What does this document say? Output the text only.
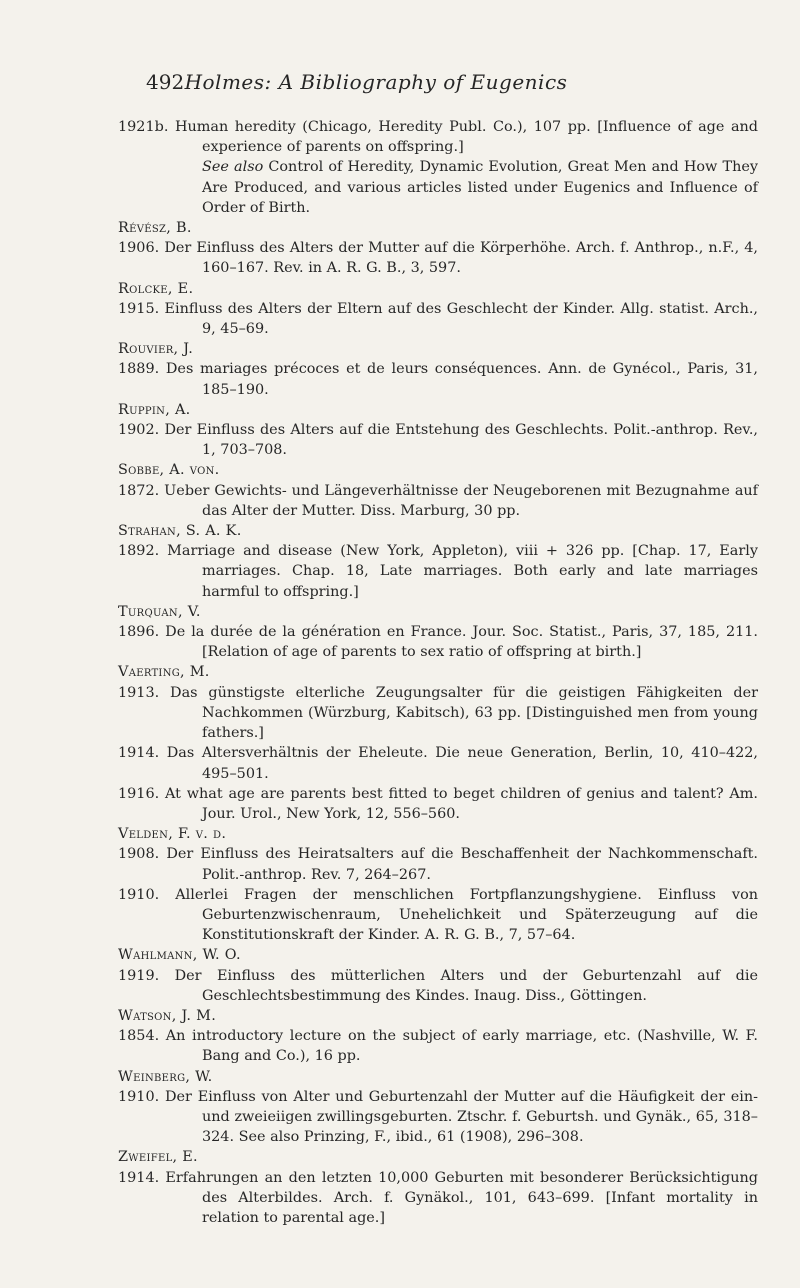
492 Holmes: A Bibliography of Eugenics
1921b. Human heredity (Chicago, Heredity Publ. Co.), 107 pp. [Influence of age and experience of parents on offspring.]
See also Control of Heredity, Dynamic Evolution, Great Men and How They Are Produced, and various articles listed under Eugenics and Influence of Order of Birth.
Révész, B.
1906. Der Einfluss des Alters der Mutter auf die Körperhöhe. Arch. f. Anthrop., n.F., 4, 160–167. Rev. in A. R. G. B., 3, 597.
Rolcke, E.
1915. Einfluss des Alters der Eltern auf des Geschlecht der Kinder. Allg. statist. Arch., 9, 45–69.
Rouvier, J.
1889. Des mariages précoces et de leurs conséquences. Ann. de Gynécol., Paris, 31, 185–190.
Ruppin, A.
1902. Der Einfluss des Alters auf die Entstehung des Geschlechts. Polit.-anthrop. Rev., 1, 703–708.
Sobbe, A. von.
1872. Ueber Gewichts- und Längeverhältnisse der Neugeborenen mit Bezugnahme auf das Alter der Mutter. Diss. Marburg, 30 pp.
Strahan, S. A. K.
1892. Marriage and disease (New York, Appleton), viii + 326 pp. [Chap. 17, Early marriages. Chap. 18, Late marriages. Both early and late marriages harmful to offspring.]
Turquan, V.
1896. De la durée de la génération en France. Jour. Soc. Statist., Paris, 37, 185, 211. [Relation of age of parents to sex ratio of offspring at birth.]
Vaerting, M.
1913. Das günstigste elterliche Zeugungsalter für die geistigen Fähigkeiten der Nachkommen (Würzburg, Kabitsch), 63 pp. [Distinguished men from young fathers.]
1914. Das Altersverhältnis der Eheleute. Die neue Generation, Berlin, 10, 410–422, 495–501.
1916. At what age are parents best fitted to beget children of genius and talent? Am. Jour. Urol., New York, 12, 556–560.
Velden, F. v. d.
1908. Der Einfluss des Heiratsalters auf die Beschaffenheit der Nachkommenschaft. Polit.-anthrop. Rev. 7, 264–267.
1910. Allerlei Fragen der menschlichen Fortpflanzungshygiene. Einfluss von Geburtenzwischenraum, Unehelichkeit und Späterzeugung auf die Konstitutionskraft der Kinder. A. R. G. B., 7, 57–64.
Wahlmann, W. O.
1919. Der Einfluss des mütterlichen Alters und der Geburtenzahl auf die Geschlechtsbestimmung des Kindes. Inaug. Diss., Göttingen.
Watson, J. M.
1854. An introductory lecture on the subject of early marriage, etc. (Nashville, W. F. Bang and Co.), 16 pp.
Weinberg, W.
1910. Der Einfluss von Alter und Geburtenzahl der Mutter auf die Häufigkeit der ein- und zweieiigen zwillingsgeburten. Ztschr. f. Geburtsh. und Gynäk., 65, 318–324. See also Prinzing, F., ibid., 61 (1908), 296–308.
Zweifel, E.
1914. Erfahrungen an den letzten 10,000 Geburten mit besonderer Berücksichtigung des Alterbildes. Arch. f. Gynäkol., 101, 643–699. [Infant mortality in relation to parental age.]
